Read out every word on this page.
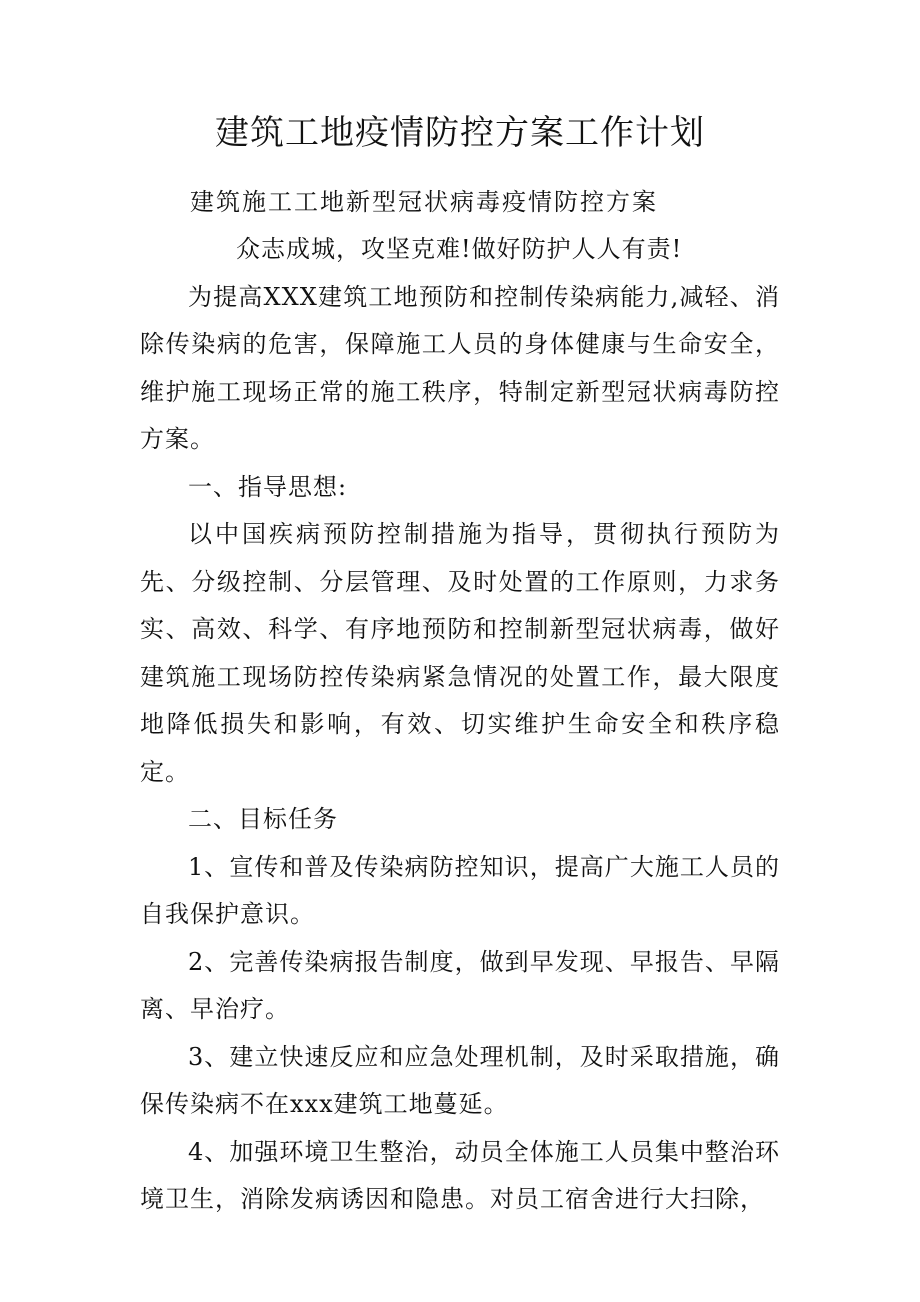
建筑工地疫情防控方案工作计划

建筑施工工地新型冠状病毒疫情防控方案

众志成城，攻坚克难!做好防护人人有责!

为提高XXX建筑工地预防和控制传染病能力,减轻、消除传染病的危害，保障施工人员的身体健康与生命安全，维护施工现场正常的施工秩序，特制定新型冠状病毒防控方案。

一、指导思想:

以中国疾病预防控制措施为指导，贯彻执行预防为先、分级控制、分层管理、及时处置的工作原则，力求务实、高效、科学、有序地预防和控制新型冠状病毒，做好建筑施工现场防控传染病紧急情况的处置工作，最大限度地降低损失和影响，有效、切实维护生命安全和秩序稳定。

二、目标任务

1、宣传和普及传染病防控知识，提高广大施工人员的自我保护意识。

2、完善传染病报告制度，做到早发现、早报告、早隔离、早治疗。

3、建立快速反应和应急处理机制，及时采取措施，确保传染病不在xxx建筑工地蔓延。

4、加强环境卫生整治，动员全体施工人员集中整治环境卫生，消除发病诱因和隐患。对员工宿舍进行大扫除，
